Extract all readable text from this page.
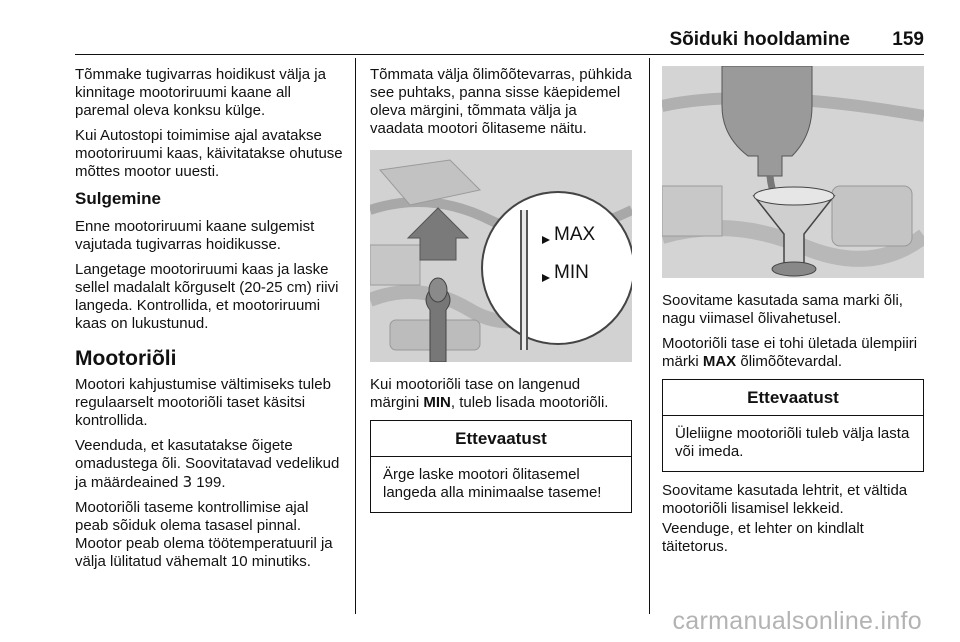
Sõiduki hooldamine 159

Tõmmake tugivarras hoidikust välja ja kinnitage mootoriruumi kaane all paremal oleva konksu külge.

Kui Autostopi toimimise ajal avatakse mootoriruumi kaas, käivitatakse ohutuse mõttes mootor uuesti.

Sulgemine

Enne mootoriruumi kaane sulgemist vajutada tugivarras hoidikusse.

Langetage mootoriruumi kaas ja laske sellel madalalt kõrguselt (20-25 cm) riivi langeda. Kontrollida, et mootoriruumi kaas on lukustunud.

Mootoriõli

Mootori kahjustumise vältimiseks tuleb regulaarselt mootoriõli taset käsitsi kontrollida.

Veenduda, et kasutatakse õigete omadustega õli. Soovitatavad vedelikud ja määrdeained 3 199.

Mootoriõli taseme kontrollimise ajal peab sõiduk olema tasasel pinnal. Mootor peab olema töötemperatuuril ja välja lülitatud vähemalt 10 minutiks.

Tõmmata välja õlimõõtevarras, pühkida see puhtaks, panna sisse käepidemel oleva märgini, tõmmata välja ja vaadata mootori õlitaseme näitu.

MAX
MIN

Kui mootoriõli tase on langenud märgini MIN, tuleb lisada mootoriõli.

Ettevaatust

Ärge laske mootori õlitasemel langeda alla minimaalse taseme!

Soovitame kasutada sama marki õli, nagu viimasel õlivahetusel.

Mootoriõli tase ei tohi ületada ülempiiri märki MAX õlimõõtevardal.

Ettevaatust

Üleliigne mootoriõli tuleb välja lasta või imeda.

Soovitame kasutada lehtrit, et vältida mootoriõli lisamisel lekkeid.

Veenduge, et lehter on kindlalt täitetorus.

carmanualsonline.info
